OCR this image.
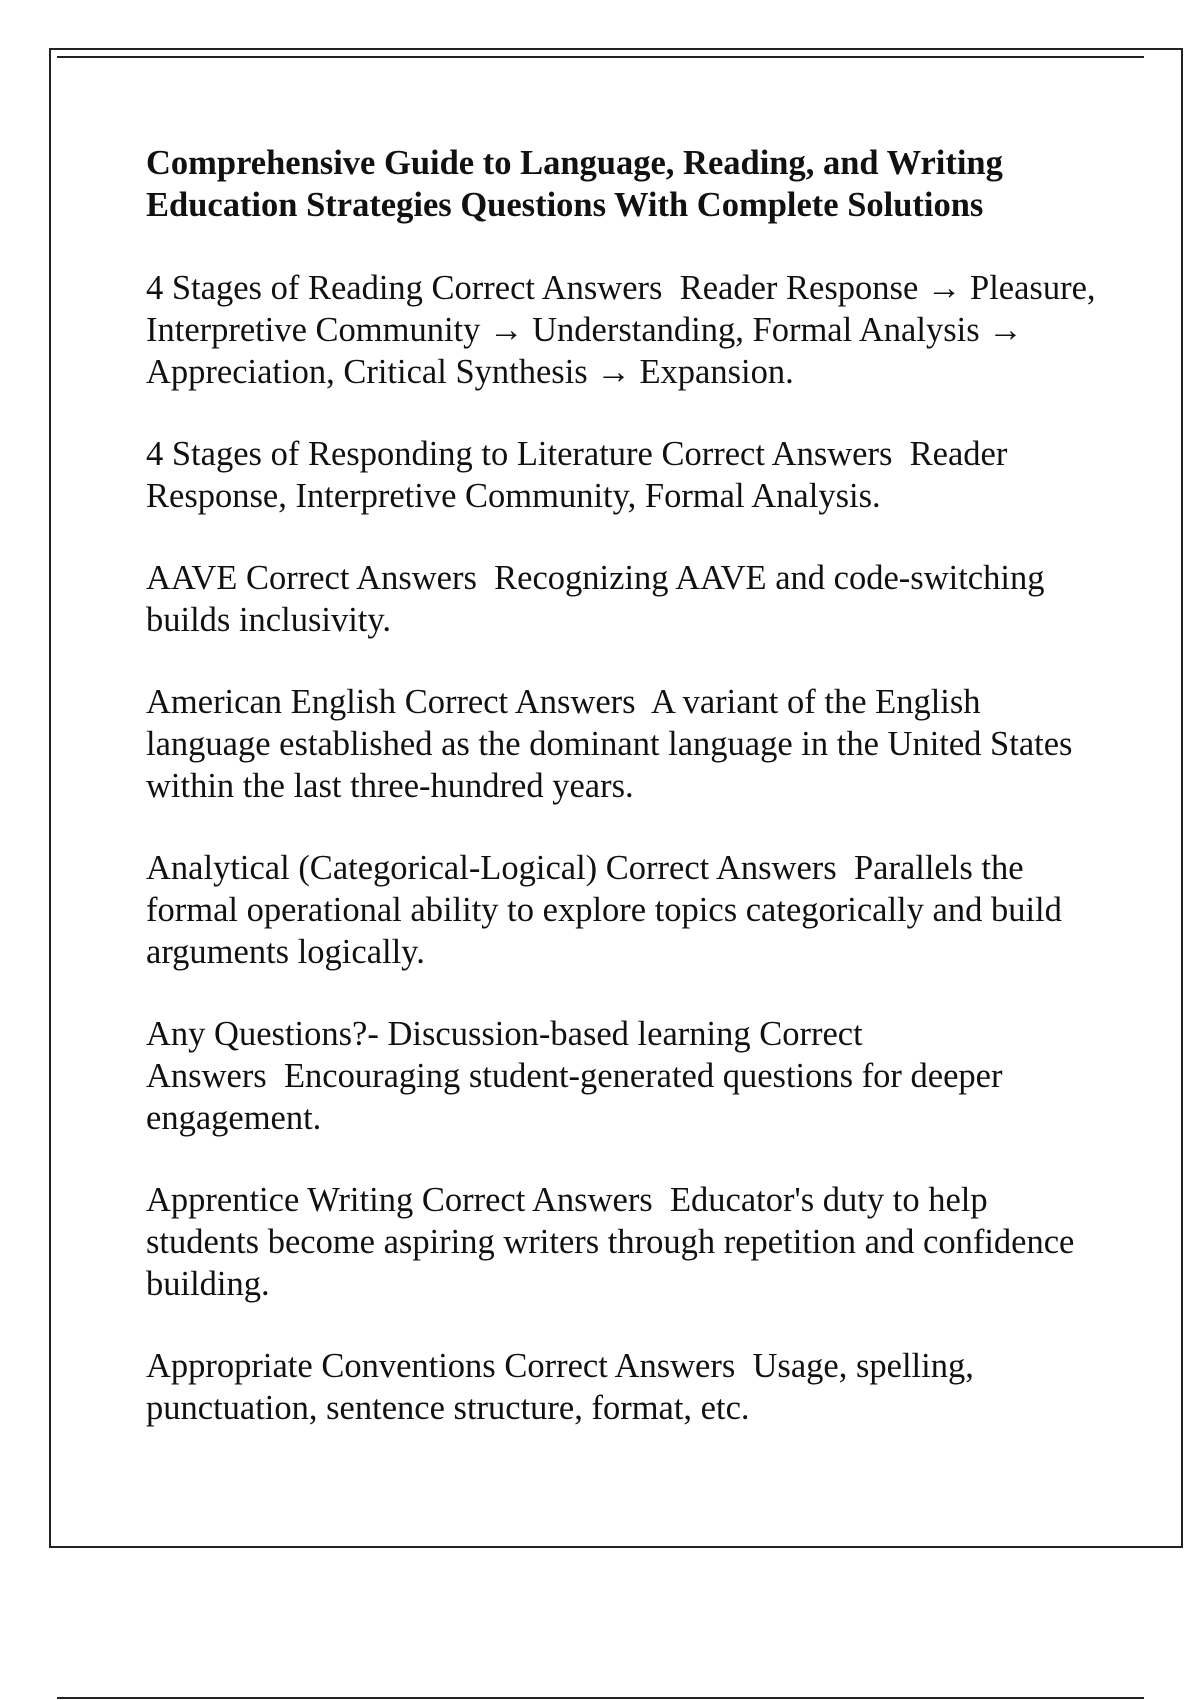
Comprehensive Guide to Language, Reading, and Writing Education Strategies Questions With Complete Solutions

4 Stages of Reading Correct Answers Reader Response → Pleasure, Interpretive Community → Understanding, Formal Analysis → Appreciation, Critical Synthesis → Expansion.

4 Stages of Responding to Literature Correct Answers Reader Response, Interpretive Community, Formal Analysis.

AAVE Correct Answers Recognizing AAVE and code-switching builds inclusivity.

American English Correct Answers A variant of the English language established as the dominant language in the United States within the last three-hundred years.

Analytical (Categorical-Logical) Correct Answers Parallels the formal operational ability to explore topics categorically and build arguments logically.

Any Questions?- Discussion-based learning Correct Answers Encouraging student-generated questions for deeper engagement.

Apprentice Writing Correct Answers Educator's duty to help students become aspiring writers through repetition and confidence building.

Appropriate Conventions Correct Answers Usage, spelling, punctuation, sentence structure, format, etc.
